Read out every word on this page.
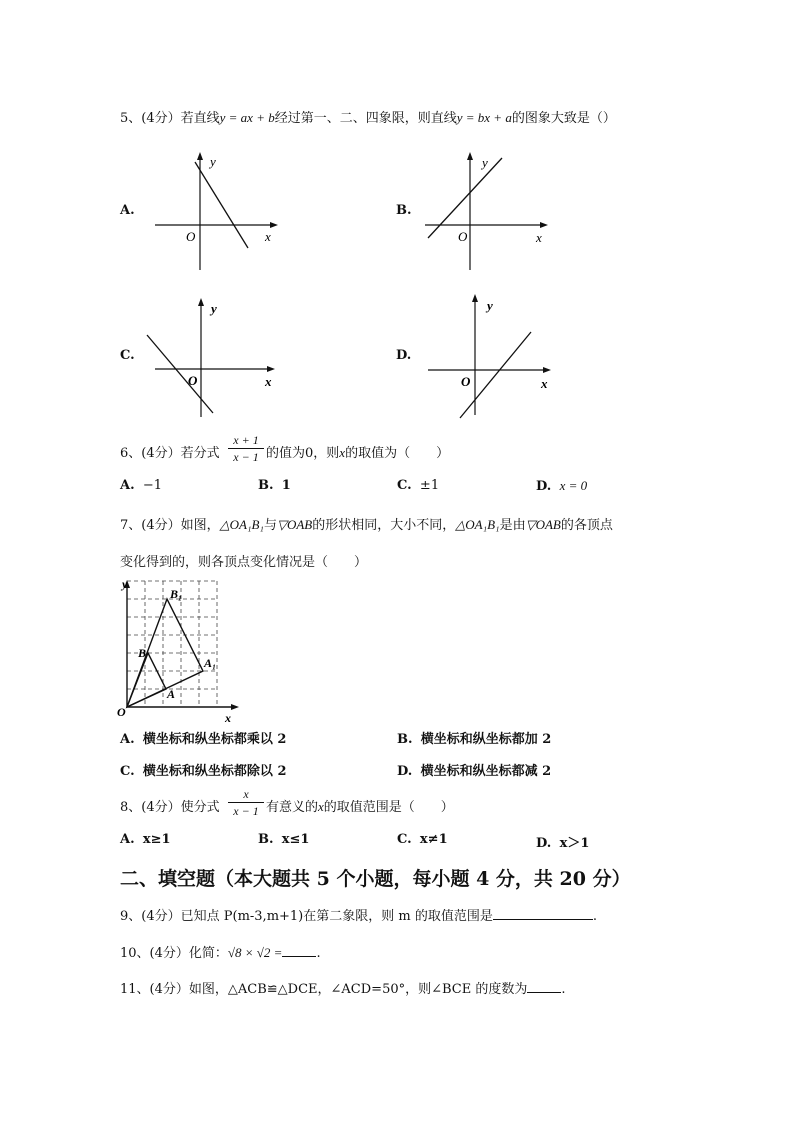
5、(4分）若直线y = ax + b经过第一、二、四象限，则直线y = bx + a的图象大致是（）
A.
y
x
O
B.
y
x
O
C.
y
x
O
D.
y
x
O
6、(4分）若分式 $\frac{x + 1}{x - 1}$ 的值为0，则x的取值为（　　）
A. −1	B. 1	C. ±1	D. x = 0
7、(4分）如图，△OA₁B₁与▽OAB的形状相同，大小不同，△OA₁B₁是由▽OAB的各顶点
变化得到的，则各顶点变化情况是（　　）
y
x
O
B₁
B
A₁
A
A. 横坐标和纵坐标都乘以 2	B. 横坐标和纵坐标都加 2
C. 横坐标和纵坐标都除以 2	D. 横坐标和纵坐标都减 2
8、(4分）使分式 $\frac{x}{x - 1}$ 有意义的x的取值范围是（　　）
A. x≥1	B. x≤1	C. x≠1	D. x＞1
二、填空题（本大题共 5 个小题，每小题 4 分，共 20 分）
9、(4分）已知点 P(m-3,m+1)在第二象限，则 m 的取值范围是	.
10、(4分）化简：√8 × √2 =	.
11、(4分）如图，△ACB≌△DCE，∠ACD=50°，则∠BCE 的度数为	.
